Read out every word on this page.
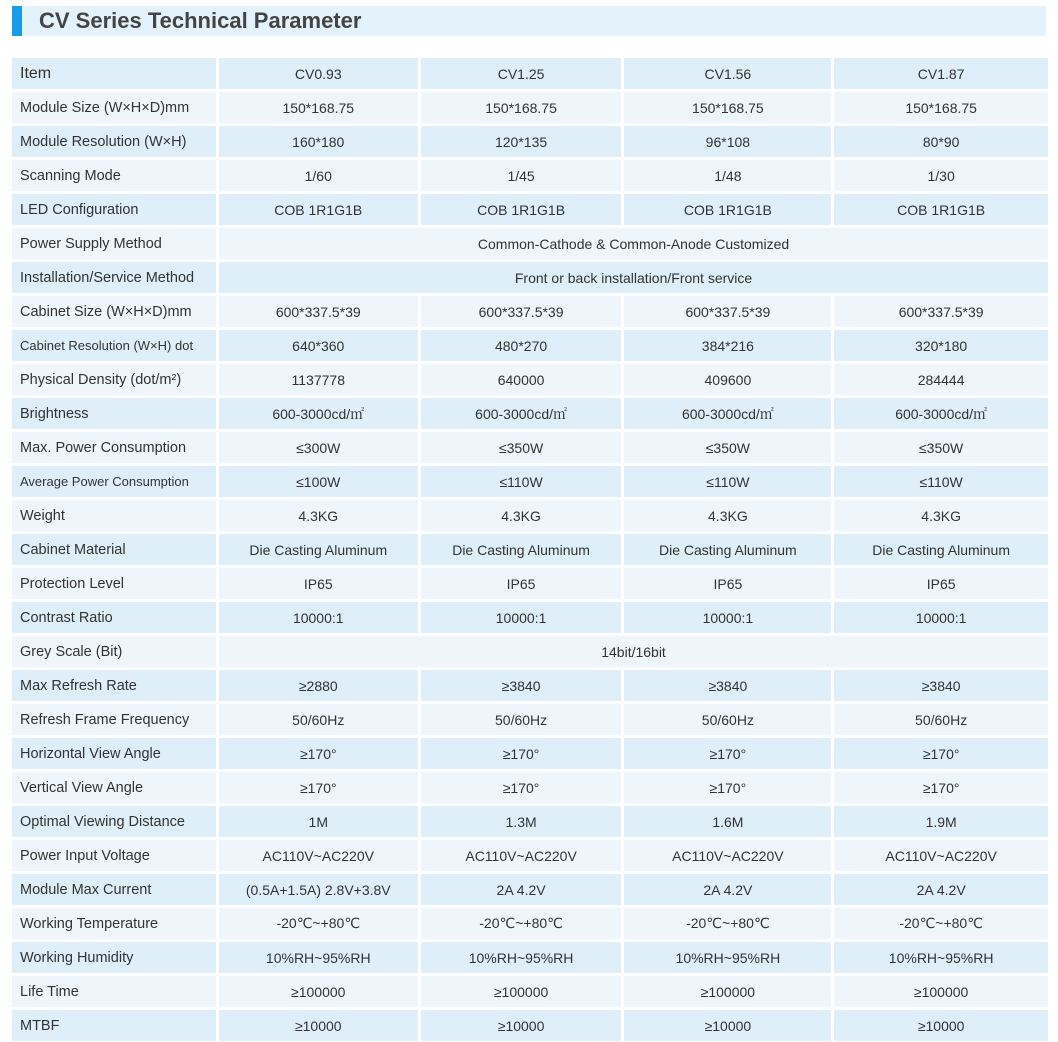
CV Series Technical Parameter
Item	CV0.93	CV1.25	CV1.56	CV1.87
Module Size (W×H×D)mm	150*168.75	150*168.75	150*168.75	150*168.75
Module Resolution (W×H)	160*180	120*135	96*108	80*90
Scanning Mode	1/60	1/45	1/48	1/30
LED Configuration	COB 1R1G1B	COB 1R1G1B	COB 1R1G1B	COB 1R1G1B
Power Supply Method	Common-Cathode & Common-Anode Customized
Installation/Service Method	Front or back installation/Front service
Cabinet Size (W×H×D)mm	600*337.5*39	600*337.5*39	600*337.5*39	600*337.5*39
Cabinet Resolution (W×H) dot	640*360	480*270	384*216	320*180
Physical Density (dot/m²)	1137778	640000	409600	284444
Brightness	600-3000cd/㎡	600-3000cd/㎡	600-3000cd/㎡	600-3000cd/㎡
Max. Power Consumption	≤300W	≤350W	≤350W	≤350W
Average Power Consumption	≤100W	≤110W	≤110W	≤110W
Weight	4.3KG	4.3KG	4.3KG	4.3KG
Cabinet Material	Die Casting Aluminum	Die Casting Aluminum	Die Casting Aluminum	Die Casting Aluminum
Protection Level	IP65	IP65	IP65	IP65
Contrast Ratio	10000:1	10000:1	10000:1	10000:1
Grey Scale (Bit)	14bit/16bit
Max Refresh Rate	≥2880	≥3840	≥3840	≥3840
Refresh Frame Frequency	50/60Hz	50/60Hz	50/60Hz	50/60Hz
Horizontal View Angle	≥170°	≥170°	≥170°	≥170°
Vertical View Angle	≥170°	≥170°	≥170°	≥170°
Optimal Viewing Distance	1M	1.3M	1.6M	1.9M
Power Input Voltage	AC110V~AC220V	AC110V~AC220V	AC110V~AC220V	AC110V~AC220V
Module Max Current	(0.5A+1.5A) 2.8V+3.8V	2A 4.2V	2A 4.2V	2A 4.2V
Working Temperature	-20℃~+80℃	-20℃~+80℃	-20℃~+80℃	-20℃~+80℃
Working Humidity	10%RH~95%RH	10%RH~95%RH	10%RH~95%RH	10%RH~95%RH
Life Time	≥100000	≥100000	≥100000	≥100000
MTBF	≥10000	≥10000	≥10000	≥10000
